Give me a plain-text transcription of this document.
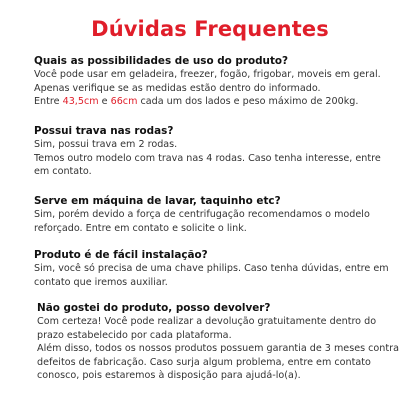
Dúvidas Frequentes

Quais as possibilidades de uso do produto?

Você pode usar em geladeira, freezer, fogão, frigobar, moveis em geral.
Apenas verifique se as medidas estão dentro do informado.
Entre 43,5cm e 66cm cada um dos lados e peso máximo de 200kg.

Possui trava nas rodas?

Sim, possui trava em 2 rodas.
Temos outro modelo com trava nas 4 rodas. Caso tenha interesse, entre
em contato.

Serve em máquina de lavar, taquinho etc?

Sim, porém devido a força de centrifugação recomendamos o modelo
reforçado. Entre em contato e solicite o link.

Produto é de fácil instalação?

Sim, você só precisa de uma chave philips. Caso tenha dúvidas, entre em
contato que iremos auxiliar.

Não gostei do produto, posso devolver?

Com certeza! Você pode realizar a devolução gratuitamente dentro do
prazo estabelecido por cada plataforma.
Além disso, todos os nossos produtos possuem garantia de 3 meses contra
defeitos de fabricação. Caso surja algum problema, entre em contato
conosco, pois estaremos à disposição para ajudá-lo(a).
